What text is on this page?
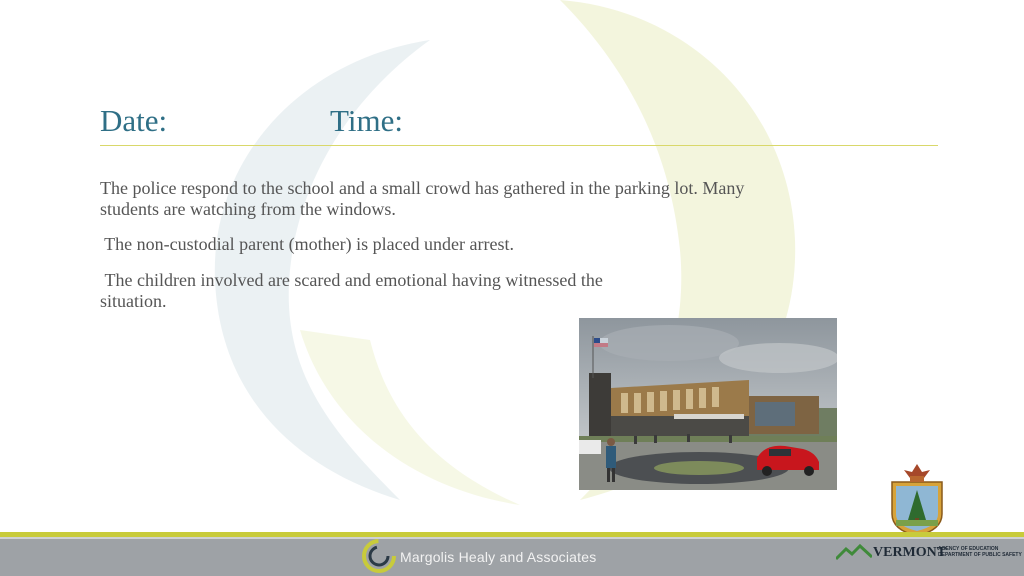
Date:	Time:

The police respond to the school and a small crowd has gathered in the parking lot. Many students are watching from the windows.

The non-custodial parent (mother) is placed under arrest.

The children involved are scared and emotional having witnessed the situation.

Margolis Healy and Associates	VERMONT
AGENCY OF EDUCATION
DEPARTMENT OF PUBLIC SAFETY
